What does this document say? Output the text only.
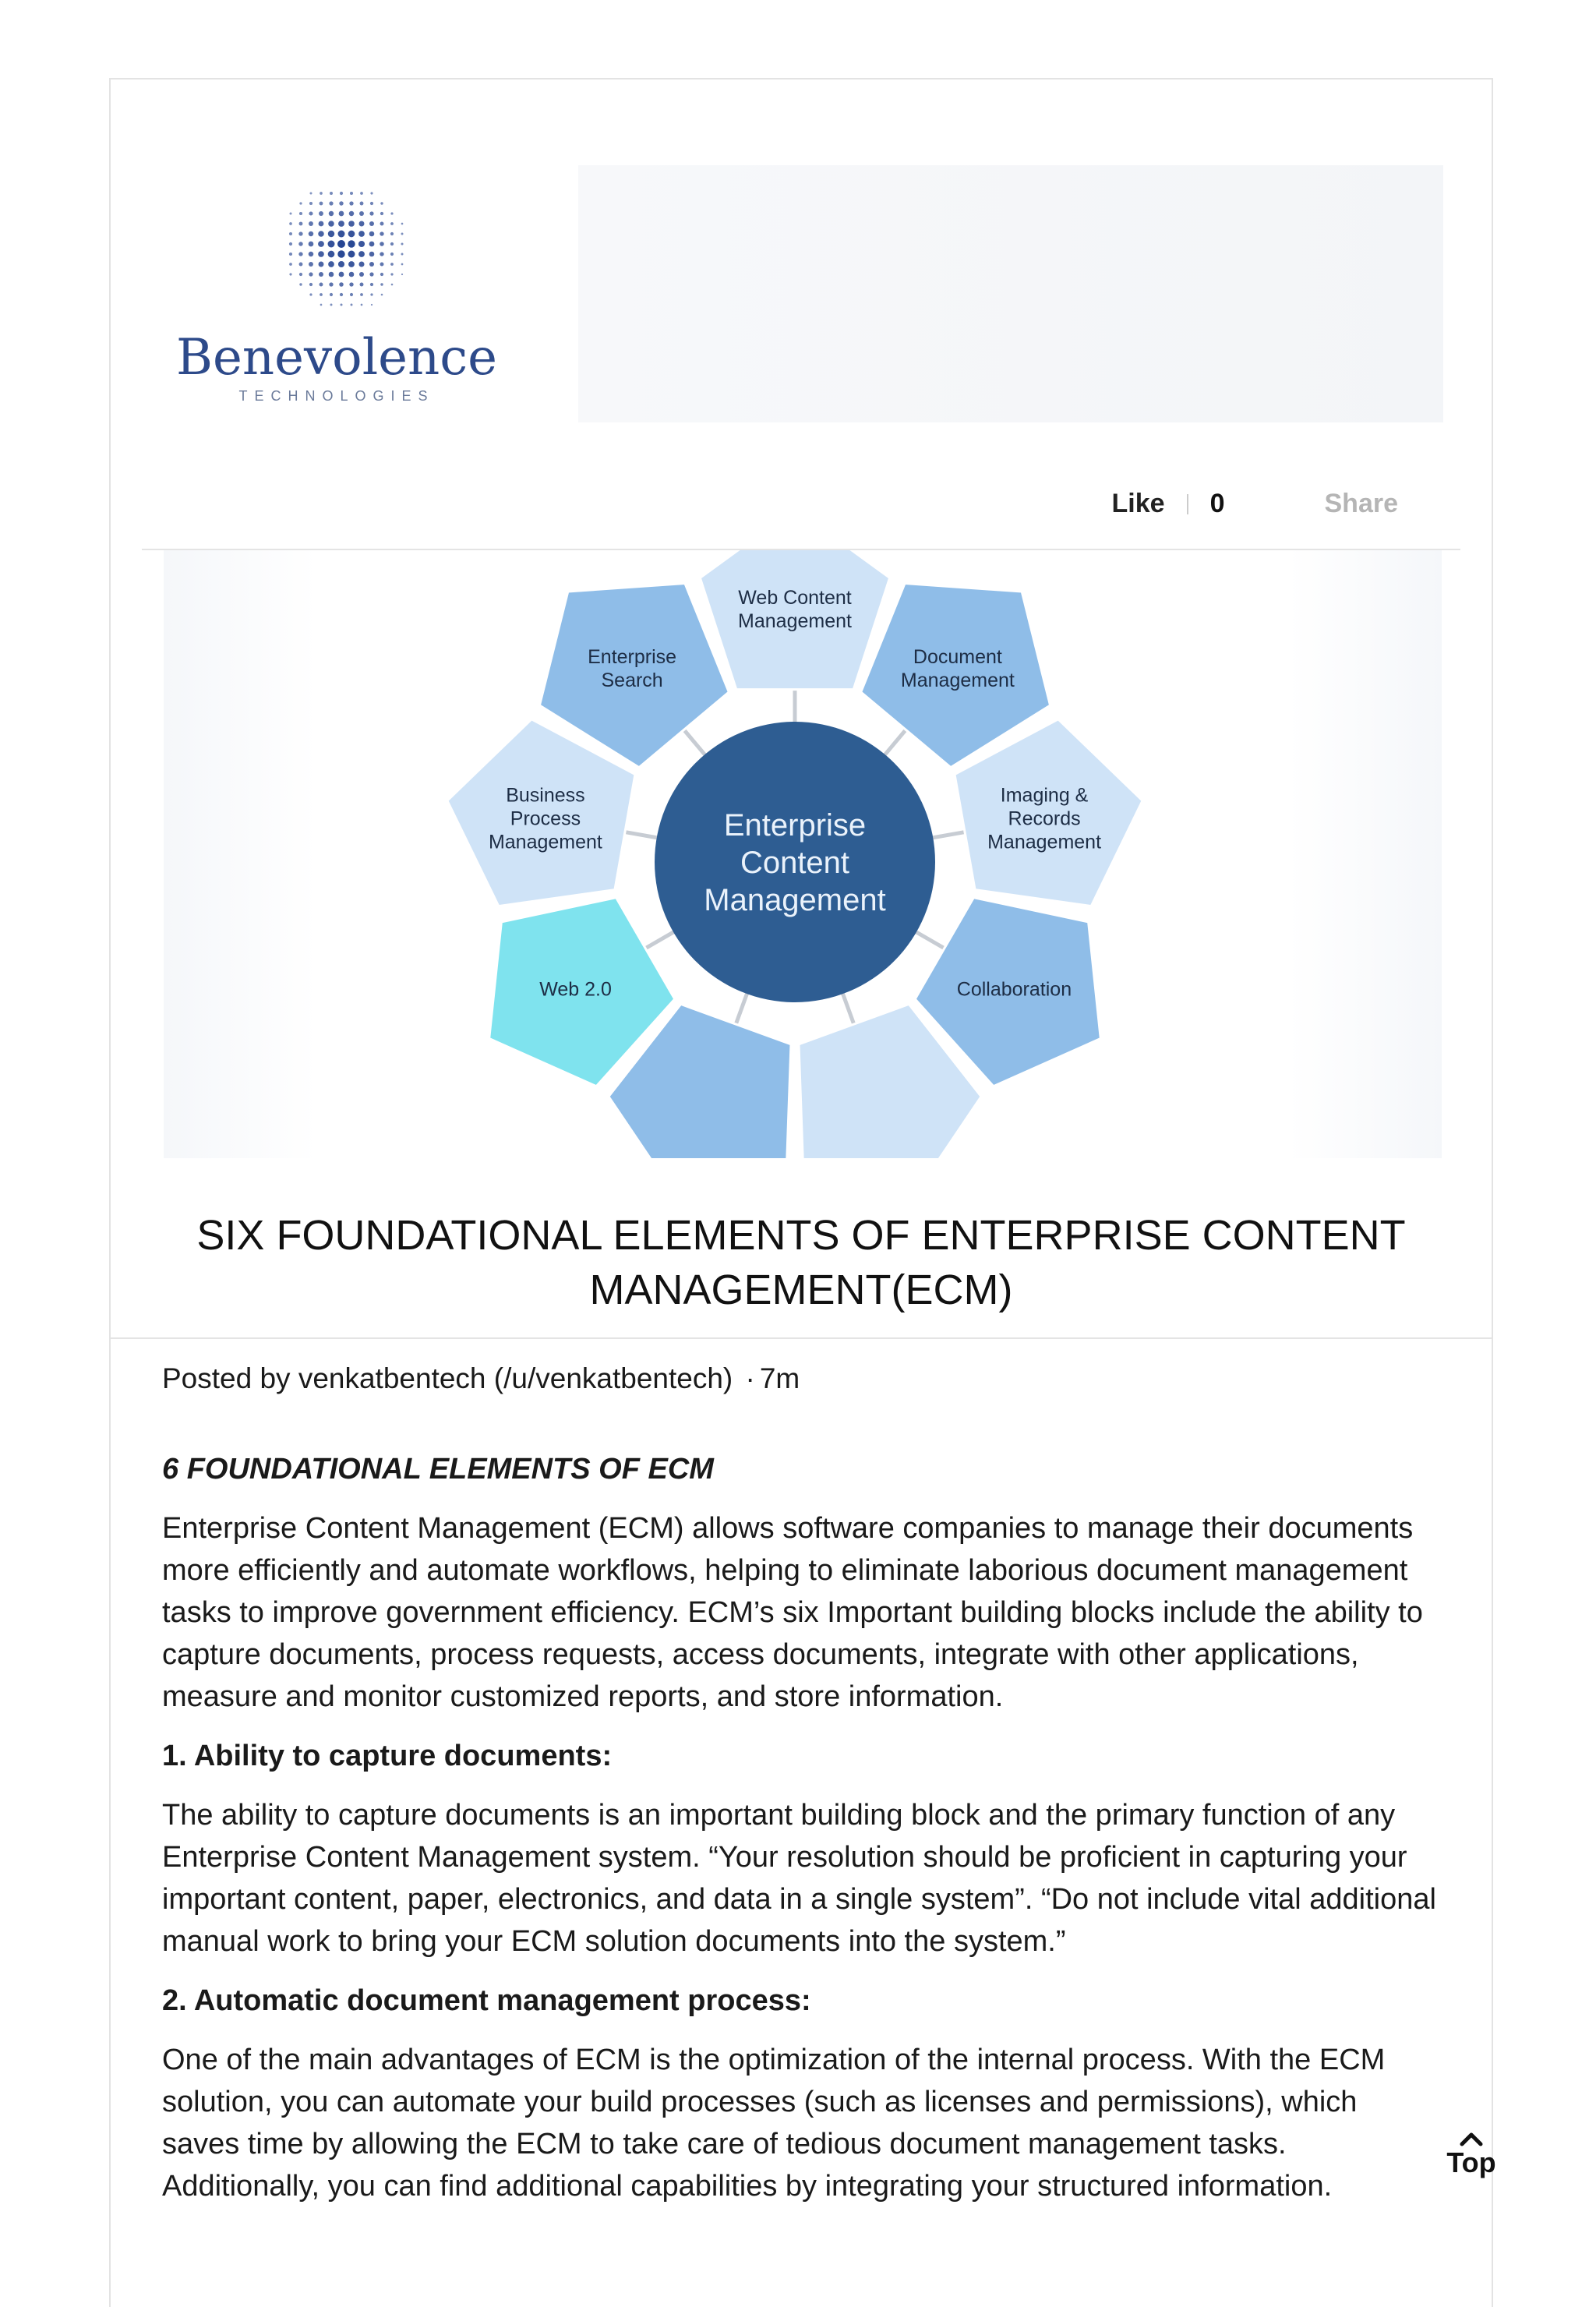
Benevolence
TECHNOLOGIES
Like	0	Share
Web Content
Management
Document
Management
Imaging &
Records
Management
Collaboration
Web 2.0
Business
Process
Management
Enterprise
Search
Enterprise
Content
Management
SIX FOUNDATIONAL ELEMENTS OF ENTERPRISE CONTENT MANAGEMENT(ECM)

Posted by venkatbentech (/u/venkatbentech) · 7m

6 FOUNDATIONAL ELEMENTS OF ECM

Enterprise Content Management (ECM) allows software companies to manage their documents more efficiently and automate workflows, helping to eliminate laborious document management tasks to improve government efficiency. ECM’s six Important building blocks include the ability to capture documents, process requests, access documents, integrate with other applications, measure and monitor customized reports, and store information.

1. Ability to capture documents:

The ability to capture documents is an important building block and the primary function of any Enterprise Content Management system. “Your resolution should be proficient in capturing your important content, paper, electronics, and data in a single system”. “Do not include vital additional manual work to bring your ECM solution documents into the system.”

2. Automatic document management process:

One of the main advantages of ECM is the optimization of the internal process. With the ECM solution, you can automate your build processes (such as licenses and permissions), which saves time by allowing the ECM to take care of tedious document management tasks. Additionally, you can find additional capabilities by integrating your structured information.

Top
